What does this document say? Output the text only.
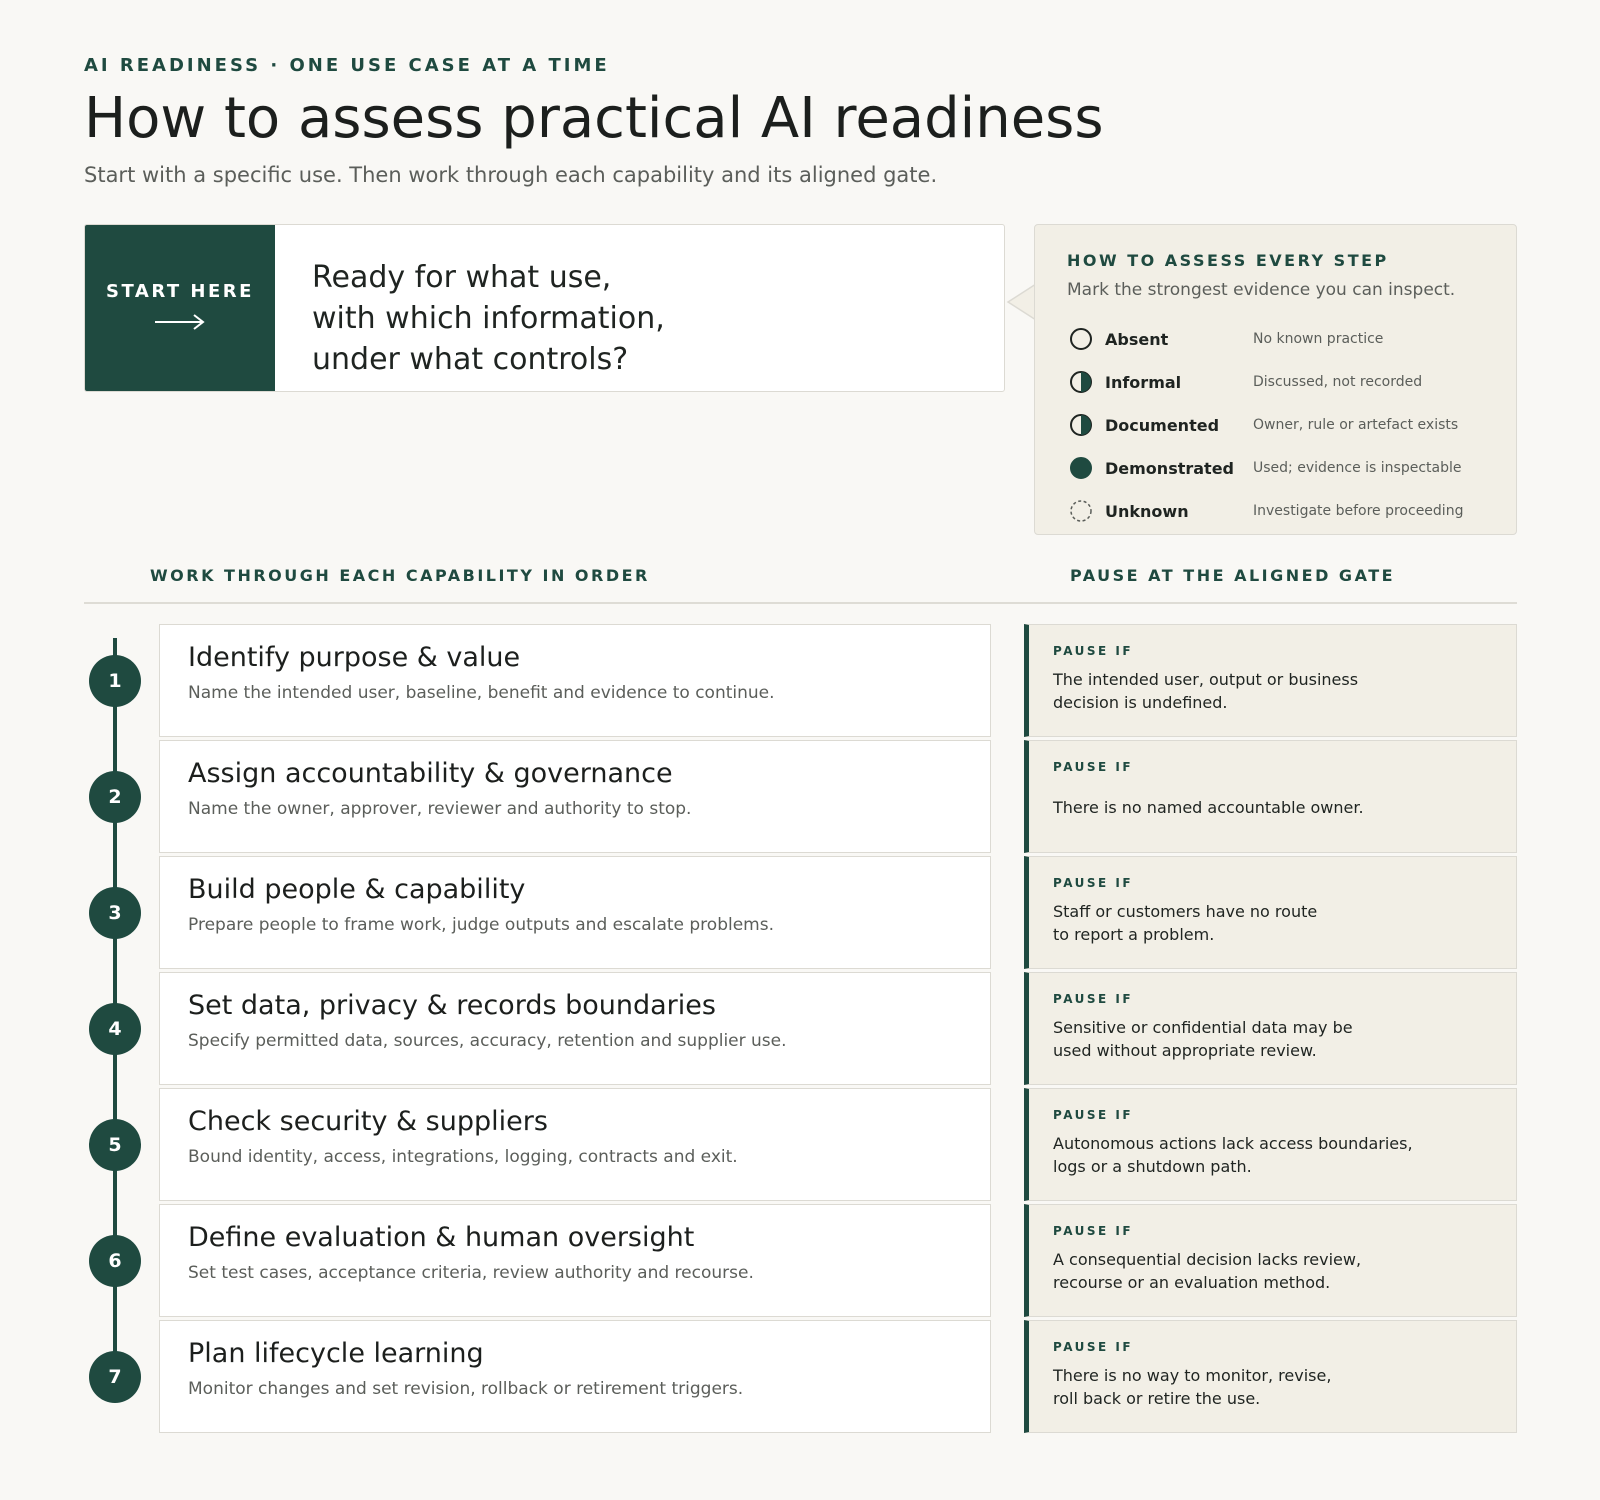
AI READINESS · ONE USE CASE AT A TIME
How to assess practical AI readiness
Start with a specific use. Then work through each capability and its aligned gate.
START HERE Ready for what use,
with which information,
under what controls?
HOW TO ASSESS EVERY STEP
Mark the strongest evidence you can inspect.
Absent	No known practice
Informal	Discussed, not recorded
Documented	Owner, rule or artefact exists
Demonstrated	Used; evidence is inspectable
Unknown	Investigate before proceeding
WORK THROUGH EACH CAPABILITY IN ORDER	PAUSE AT THE ALIGNED GATE
1
Identify purpose & value
Name the intended user, baseline, benefit and evidence to continue.
PAUSE IF
The intended user, output or business
decision is undefined.
2
Assign accountability & governance
Name the owner, approver, reviewer and authority to stop.
PAUSE IF
There is no named accountable owner.
3
Build people & capability
Prepare people to frame work, judge outputs and escalate problems.
PAUSE IF
Staff or customers have no route
to report a problem.
4
Set data, privacy & records boundaries
Specify permitted data, sources, accuracy, retention and supplier use.
PAUSE IF
Sensitive or confidential data may be
used without appropriate review.
5
Check security & suppliers
Bound identity, access, integrations, logging, contracts and exit.
PAUSE IF
Autonomous actions lack access boundaries,
logs or a shutdown path.
6
Define evaluation & human oversight
Set test cases, acceptance criteria, review authority and recourse.
PAUSE IF
A consequential decision lacks review,
recourse or an evaluation method.
7
Plan lifecycle learning
Monitor changes and set revision, rollback or retirement triggers.
PAUSE IF
There is no way to monitor, revise,
roll back or retire the use.
